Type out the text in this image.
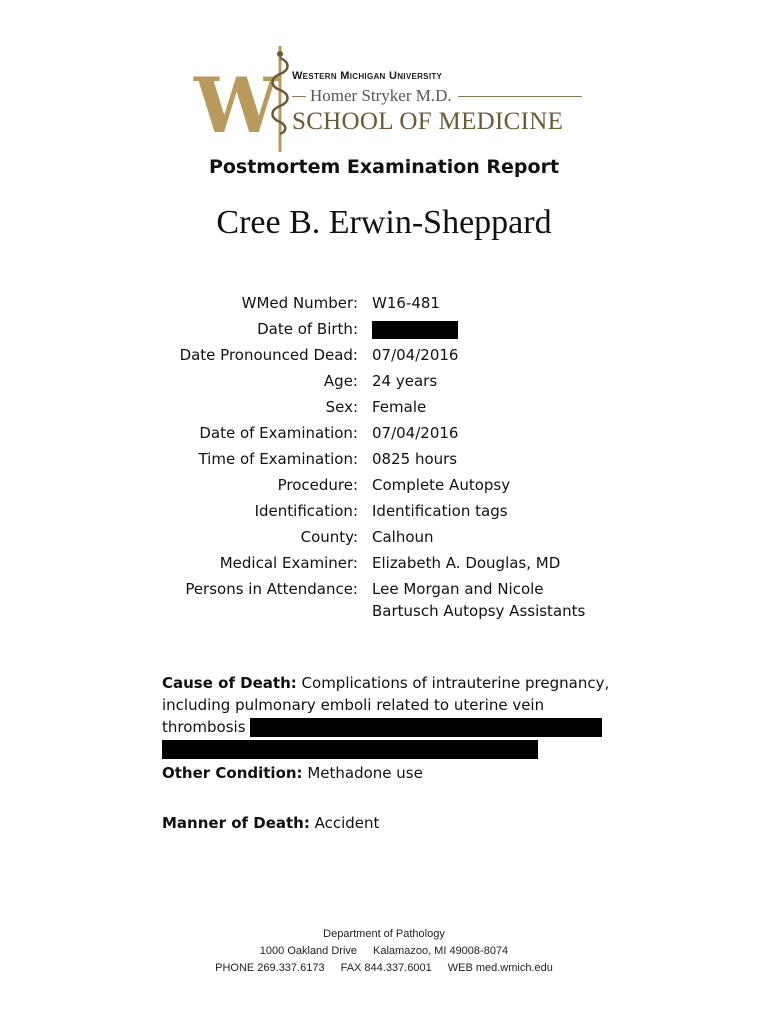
W Western Michigan University
Homer Stryker M.D.
SCHOOL OF MEDICINE
Postmortem Examination Report
Cree B. Erwin-Sheppard
WMed Number: W16-481
Date of Birth:
Date Pronounced Dead: 07/04/2016
Age: 24 years
Sex: Female
Date of Examination: 07/04/2016
Time of Examination: 0825 hours
Procedure: Complete Autopsy
Identification: Identification tags
County: Calhoun
Medical Examiner: Elizabeth A. Douglas, MD
Persons in Attendance: Lee Morgan and Nicole
Bartusch Autopsy Assistants
Cause of Death: Complications of intrauterine pregnancy, including pulmonary emboli related to uterine vein thrombosis

Other Condition: Methadone use
Manner of Death: Accident
Department of Pathology
1000 Oakland Drive Kalamazoo, MI 49008-8074
PHONE 269.337.6173 FAX 844.337.6001 WEB med.wmich.edu
